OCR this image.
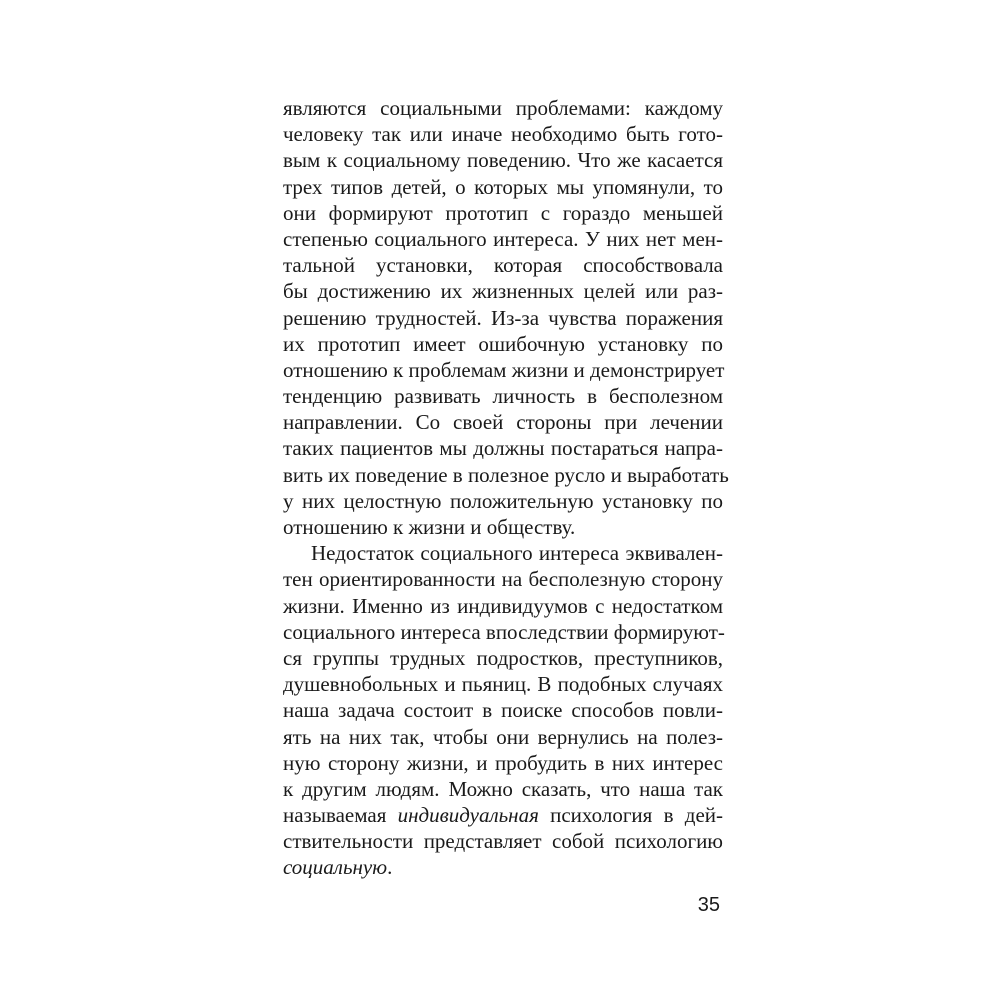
являются социальными проблемами: каждому
человеку так или иначе необходимо быть гото-
вым к социальному поведению. Что же касается
трех типов детей, о которых мы упомянули, то
они формируют прототип с гораздо меньшей
степенью социального интереса. У них нет мен-
тальной установки, которая способствовала
бы достижению их жизненных целей или раз-
решению трудностей. Из-за чувства поражения
их прототип имеет ошибочную установку по
отношению к проблемам жизни и демонстрирует
тенденцию развивать личность в бесполезном
направлении. Со своей стороны при лечении
таких пациентов мы должны постараться напра-
вить их поведение в полезное русло и выработать
у них целостную положительную установку по
отношению к жизни и обществу.
Недостаток социального интереса эквивален-
тен ориентированности на бесполезную сторону
жизни. Именно из индивидуумов с недостатком
социального интереса впоследствии формируют-
ся группы трудных подростков, преступников,
душевнобольных и пьяниц. В подобных случаях
наша задача состоит в поиске способов повли-
ять на них так, чтобы они вернулись на полез-
ную сторону жизни, и пробудить в них интерес
к другим людям. Можно сказать, что наша так
называемая индивидуальная психология в дей-
ствительности представляет собой психологию
социальную.
35
